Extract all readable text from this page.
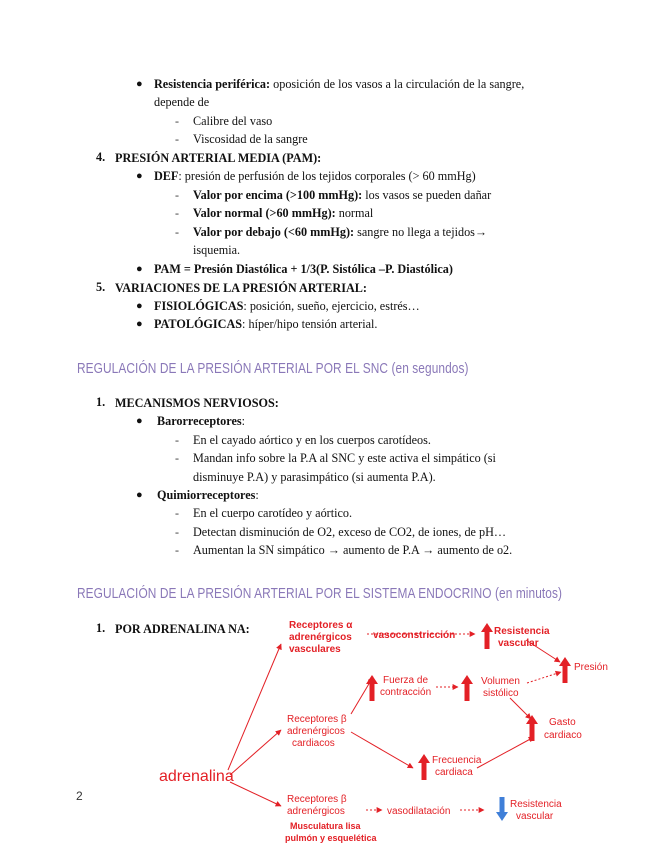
● Resistencia periférica: oposición de los vasos a la circulación de la sangre,
depende de
- Calibre del vaso
- Viscosidad de la sangre
4. PRESIÓN ARTERIAL MEDIA (PAM):
● DEF: presión de perfusión de los tejidos corporales (> 60 mmHg)
- Valor por encima (>100 mmHg): los vasos se pueden dañar
- Valor normal (>60 mmHg): normal
- Valor por debajo (<60 mmHg): sangre no llega a tejidos→
isquemia.
● PAM = Presión Diastólica + 1/3(P. Sistólica –P. Diastólica)
5. VARIACIONES DE LA PRESIÓN ARTERIAL:
● FISIOLÓGICAS: posición, sueño, ejercicio, estrés…
● PATOLÓGICAS: híper/hipo tensión arterial.
REGULACIÓN DE LA PRESIÓN ARTERIAL POR EL SNC (en segundos)
1. MECANISMOS NERVIOSOS:
● Barorreceptores:
- En el cayado aórtico y en los cuerpos carotídeos.
- Mandan info sobre la P.A al SNC y este activa el simpático (si
disminuye P.A) y parasimpático (si aumenta P.A).
● Quimiorreceptores:
- En el cuerpo carotídeo y aórtico.
- Detectan disminución de O2, exceso de CO2, de iones, de pH…
- Aumentan la SN simpático → aumento de P.A → aumento de o2.
REGULACIÓN DE LA PRESIÓN ARTERIAL POR EL SISTEMA ENDOCRINO (en minutos)
1. POR ADRENALINA NA:
adrenalina
Receptores α
adrenérgicos
vasculares
vasoconstricción	Resistencia
vascular
Presión
Receptores β
adrenérgicos
cardiacos
Fuerza de
contracción
Volumen
sistólico
Gasto
cardiaco
Frecuencia
cardiaca
Receptores β
adrenérgicos	vasodilatación
Resistencia
vascular
Musculatura lisa
pulmón y esquelética
2
